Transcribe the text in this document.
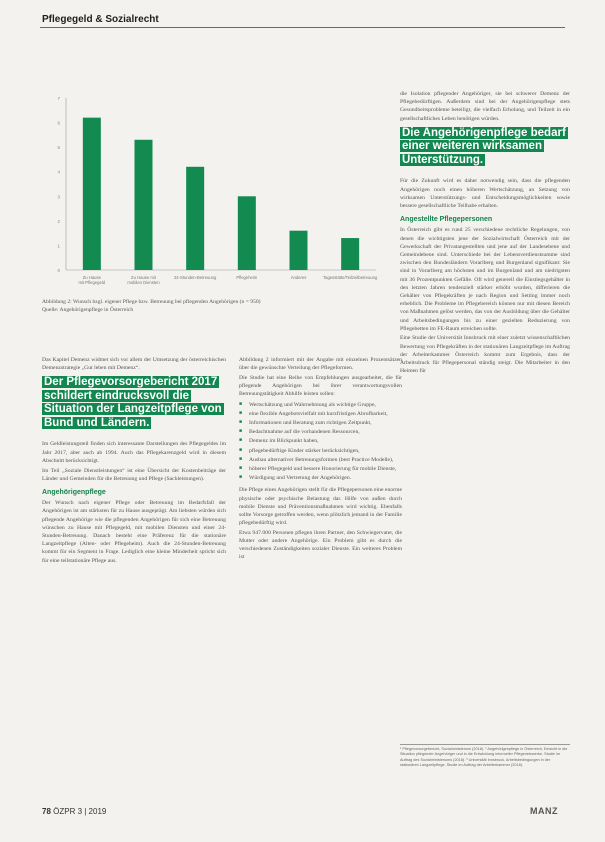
Pflegegeld & Sozialrecht
0
1
2
3
4
5
6
7
Zu Hause mit Pflegegeld
Zu Hause mit mobilen Diensten
24-Stunden-Betreuung	Pflegeheim	Anderes	Tagesstätte/Teilzeitbetreuung
Abbildung 2: Wunsch bzgl. eigener Pflege bzw. Betreuung bei pflegenden Angehörigen (n = 950)
Quelle: Angehörigenpflege in Österreich

Das Kapitel Demenz widmet sich vor allem der Umsetzung der österreichischen Demenzstrategie „Gut leben mit Demenz“.

Der Pflegevorsorgebericht 2017 schildert eindrucksvoll die Situation der Langzeitpflege von Bund und Ländern.

Im Geldleistungsteil finden sich interessante Darstellungen des Pflegegeldes im Jahr 2017, aber auch ab 1994. Auch das Pflegekarenzgeld wird in diesem Abschnitt berücksichtigt.

Im Teil „Soziale Dienstleistungen“ ist eine Übersicht der Kostenbeiträge der Länder und Gemeinden für die Betreuung und Pflege (Sachleistungen).

Angehörigenpflege

Der Wunsch nach eigener Pflege oder Betreuung im Bedarfsfall der Angehörigen ist am stärksten für zu Hause ausgeprägt. Am liebsten würden sich pflegende Angehörige wie die pflegenden Angehörigen für sich eine Betreuung wünschen zu Hause mit Pflegegeld, mit mobilen Diensten und einer 24-Stunden-Betreuung. Danach besteht eine Präferenz für die stationäre Langzeitpflege (Alten- oder Pflegeheim). Auch die 24-Stunden-Betreuung kommt für ein Segment in Frage. Lediglich eine kleine Minderheit spricht sich für eine teilstationäre Pflege aus.

Abbildung 2 informiert mit der Angabe mit einzelnen Prozentsätzen über die gewünschte Verteilung der Pflegeformen.

Die Studie hat eine Reihe von Empfehlungen ausgearbeitet, die für pflegende Angehörigen bei ihrer verantwortungsvollen Betreuungstätigkeit Abhilfe leisten sollen:

■ Wertschätzung und Wahrnehmung als wichtige Gruppe,
■ eine flexible Angebotsvielfalt mit kurzfristigen Abrufbarkeit,
■ Informationen und Beratung zum richtigen Zeitpunkt,
■ Bedachtnahme auf die vorhandenen Ressourcen,
■ Demenz im Blickpunkt haben,
■ pflegebedürftige Kinder stärker berücksichtigen,
■ Ausbau alternativer Betreuungsformen (best Practice Modelle),
■ höherer Pflegegeld und bessere Honorierung für mobile Dienste,
■ Würdigung und Vertretung der Angehörigen.

Die Pflege eines Angehörigen stellt für die Pflegepersonen eine enorme physische oder psychische Belastung dar. Hilfe von außen durch mobile Dienste und Präventionsmaßnahmen wird wichtig. Ebenfalls sollte Vorsorge getroffen werden, wenn plötzlich jemand in der Familie pflegebedürftig wird.

Etwa 947.000 Personen pflegen ihren Partner, den Schwiegervater, die Mutter oder andere Angehörige. Ein Problem gibt es durch die verschiedenen Zuständigkeiten sozialer Dienste. Ein weiteres Problem ist

die Isolation pflegender Angehöriger, sie bei schwerer Demenz der Pflegebedürftigen. Außerdem sind bei der Angehörigenpflege stets Gesundheitsprobleme beteiligt, die vielfach Erholung, und Teilzeit in ein gesellschaftliches Leben benötigen würden.

Die Angehörigenpflege bedarf einer weiteren wirksamen Unterstützung.

Für die Zukunft wird es daher notwendig sein, dass die pflegenden Angehörigen noch einen höheren Wertschätzung, an Setzung von wirksamen Unterstützungs- und Entscheidungsmöglichkeiten sowie bessere gesellschaftliche Teilhabe erhalten.

Angestellte Pflegepersonen

In Österreich gibt es rund 25 verschiedene rechtliche Regelungen, von denen die wichtigsten jene der Sozialwirtschaft Österreich mit der Gewerkschaft der Privatangestellten und jene auf der Landesebene und Gemeindebene sind. Unterschiede bei der Lebensverdienstsumme sind zwischen den Bundesländern Vorarlberg und Burgenland signifikant: Sie sind in Vorarlberg am höchsten und im Burgenland und am niedrigsten mit 36 Prozentpunkten Gefälle. Oft wird generell die Einstiegsgehälter in den letzten Jahren tendenziell stärker erhöht wurden, differieren die Gehälter von Pflegekräften je nach Region und Setting immer noch erheblich. Die Probleme im Pflegebereich können nur mit diesen Bereich von Maßnahmen gelöst werden, das von der Ausbildung über die Gehälter und Arbeitsbedingungen bis zu einer gezielten Reduzierung von Pflegebetten im FE-Raum erreichen sollte.

Eine Studie der Universität Innsbruck mit einer zuletzt wissenschaftlichen Bewertung von Pflegekräften in der stationären Langzeitpflege im Auftrag der Arbeiterkammer Österreich kommt zum Ergebnis, dass der Arbeitsdruck für Pflegepersonal ständig steigt. Die Mitarbeiter in den Heimen für

¹ Pflegevorsorgebericht, Sozialministerium (2018). ² Angehörigenpflege in Österreich, Einsicht in die Situation pflegender Angehöriger und in die Entwicklung informeller Pflegenetzwerke, Studie im Auftrag des Sozialministeriums (2018). ³ Universität Innsbruck, Arbeitsbedingungen in der stationären Langzeitpflege, Studie im Auftrag der Arbeiterkammer (2018).
78 ÖZPR 3 | 2019	MANZ
